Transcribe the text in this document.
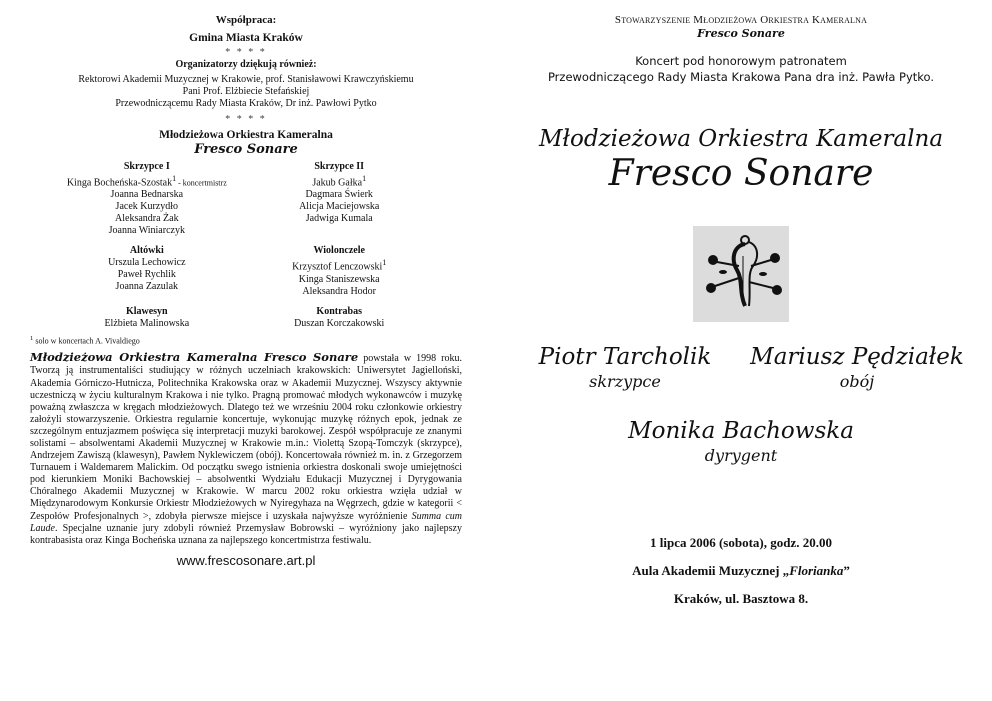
Współpraca:
Gmina Miasta Kraków
* * * *
Organizatorzy dziękują również:
Rektorowi Akademii Muzycznej w Krakowie, prof. Stanisławowi Krawczyńskiemu
Pani Prof. Elżbiecie Stefańskiej
Przewodniczącemu Rady Miasta Kraków, Dr inż. Pawłowi Pytko
* * * *
Młodzieżowa Orkiestra Kameralna
Fresco Sonare
Skrzypce I
Kinga Bocheńska-Szostak$^1$ - koncertmistrz
Joanna Bednarska
Jacek Kurzydło
Aleksandra Żak
Joanna Winiarczyk
Skrzypce II
Jakub Gałka$^1$
Dagmara Świerk
Alicja Maciejowska
Jadwiga Kumala
Altówki
Urszula Lechowicz
Paweł Rychlik
Joanna Zazulak
Wiolonczele
Krzysztof Lenczowski$^1$
Kinga Staniszewska
Aleksandra Hodor
Klawesyn
Elżbieta Malinowska
Kontrabas
Duszan Korczakowski
$^1$ solo w koncertach A. Vivaldiego
Młodzieżowa Orkiestra Kameralna Fresco Sonare powstała w 1998 roku. Tworzą ją instrumentaliści studiujący w różnych uczelniach krakowskich: Uniwersytet Jagielloński, Akademia Górniczo-Hutnicza, Politechnika Krakowska oraz w Akademii Muzycznej. Wszyscy aktywnie uczestniczą w życiu kulturalnym Krakowa i nie tylko. Pragną promować młodych wykonawców i muzykę poważną zwłaszcza w kręgach młodzieżowych. Dlatego też we wrześniu 2004 roku członkowie orkiestry założyli stowarzyszenie. Orkiestra regularnie koncertuje, wykonując muzykę różnych epok, jednak ze szczególnym entuzjazmem poświęca się interpretacji muzyki barokowej. Zespół współpracuje ze znanymi solistami – absolwentami Akademii Muzycznej w Krakowie m.in.: Violettą Szopą-Tomczyk (skrzypce), Andrzejem Zawiszą (klawesyn), Pawłem Nyklewiczem (obój). Koncertowała również m. in. z Grzegorzem Turnauem i Waldemarem Malickim. Od początku swego istnienia orkiestra doskonali swoje umiejętności pod kierunkiem Moniki Bachowskiej – absolwentki Wydziału Edukacji Muzycznej i Dyrygowania Chóralnego Akademii Muzycznej w Krakowie. W marcu 2002 roku orkiestra wzięła udział w Międzynarodowym Konkursie Orkiestr Młodzieżowych w Nyiregyhaza na Węgrzech, gdzie w kategorii < Zespołów Profesjonalnych >, zdobyła pierwsze miejsce i uzyskała najwyższe wyróżnienie Summa cum Laude. Specjalne uznanie jury zdobyli również Przemysław Bobrowski – wyróżniony jako najlepszy kontrabasista oraz Kinga Bocheńska uznana za najlepszego koncertmistrza festiwalu.
www.frescosonare.art.pl
Stowarzyszenie Młodzieżowa Orkiestra Kameralna
Fresco Sonare
Koncert pod honorowym patronatem
Przewodniczącego Rady Miasta Krakowa Pana dra inż. Pawła Pytko.
Młodzieżowa Orkiestra Kameralna
Fresco Sonare
Piotr Tarcholik
skrzypce
Mariusz Pędziałek
obój
Monika Bachowska
dyrygent
1 lipca 2006 (sobota), godz. 20.00
Aula Akademii Muzycznej „Florianka”
Kraków, ul. Basztowa 8.
